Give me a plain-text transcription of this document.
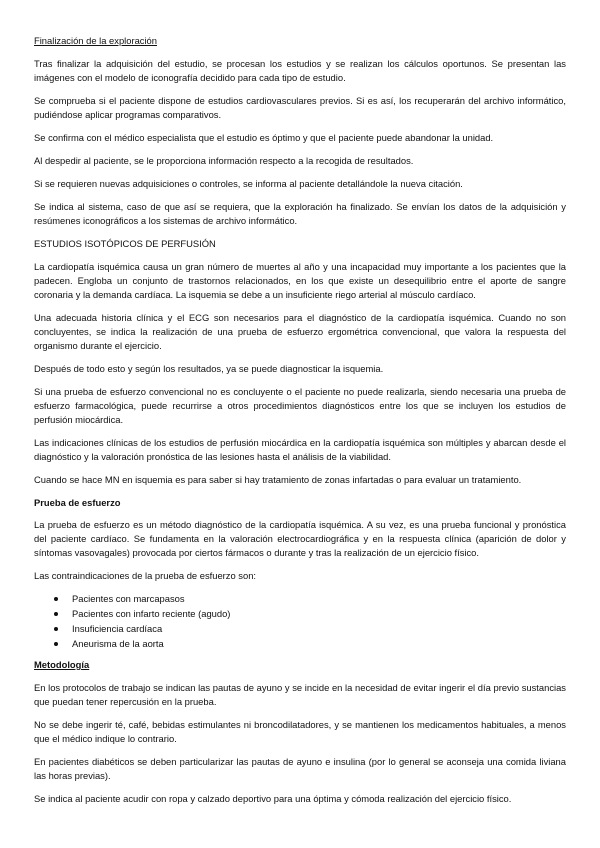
Finalización de la exploración

Tras finalizar la adquisición del estudio, se procesan los estudios y se realizan los cálculos oportunos. Se presentan las imágenes con el modelo de iconografía decidido para cada tipo de estudio.

Se comprueba si el paciente dispone de estudios cardiovasculares previos. Si es así, los recuperarán del archivo informático, pudiéndose aplicar programas comparativos.

Se confirma con el médico especialista que el estudio es óptimo y que el paciente puede abandonar la unidad.

Al despedir al paciente, se le proporciona información respecto a la recogida de resultados.

Si se requieren nuevas adquisiciones o controles, se informa al paciente detallándole la nueva citación.

Se indica al sistema, caso de que así se requiera, que la exploración ha finalizado. Se envían los datos de la adquisición y resúmenes iconográficos a los sistemas de archivo informático.

ESTUDIOS ISOTÓPICOS DE PERFUSIÓN

La cardiopatía isquémica causa un gran número de muertes al año y una incapacidad muy importante a los pacientes que la padecen. Engloba un conjunto de trastornos relacionados, en los que existe un desequilibrio entre el aporte de sangre coronaria y la demanda cardíaca. La isquemia se debe a un insuficiente riego arterial al músculo cardíaco.

Una adecuada historia clínica y el ECG son necesarios para el diagnóstico de la cardiopatía isquémica. Cuando no son concluyentes, se indica la realización de una prueba de esfuerzo ergométrica convencional, que valora la respuesta del organismo durante el ejercicio.

Después de todo esto y según los resultados, ya se puede diagnosticar la isquemia.

Si una prueba de esfuerzo convencional no es concluyente o el paciente no puede realizarla, siendo necesaria una prueba de esfuerzo farmacológica, puede recurrirse a otros procedimientos diagnósticos entre los que se incluyen los estudios de perfusión miocárdica.

Las indicaciones clínicas de los estudios de perfusión miocárdica en la cardiopatía isquémica son múltiples y abarcan desde el diagnóstico y la valoración pronóstica de las lesiones hasta el análisis de la viabilidad.

Cuando se hace MN en isquemia es para saber si hay tratamiento de zonas infartadas o para evaluar un tratamiento.

Prueba de esfuerzo

La prueba de esfuerzo es un método diagnóstico de la cardiopatía isquémica. A su vez, es una prueba funcional y pronóstica del paciente cardíaco. Se fundamenta en la valoración electrocardiográfica y en la respuesta clínica (aparición de dolor y síntomas vasovagales) provocada por ciertos fármacos o durante y tras la realización de un ejercicio físico.

Las contraindicaciones de la prueba de esfuerzo son:

Pacientes con marcapasos
Pacientes con infarto reciente (agudo)
Insuficiencia cardíaca
Aneurisma de la aorta
Metodología

En los protocolos de trabajo se indican las pautas de ayuno y se incide en la necesidad de evitar ingerir el día previo sustancias que puedan tener repercusión en la prueba.

No se debe ingerir té, café, bebidas estimulantes ni broncodilatadores, y se mantienen los medicamentos habituales, a menos que el médico indique lo contrario.

En pacientes diabéticos se deben particularizar las pautas de ayuno e insulina (por lo general se aconseja una comida liviana las horas previas).

Se indica al paciente acudir con ropa y calzado deportivo para una óptima y cómoda realización del ejercicio físico.
